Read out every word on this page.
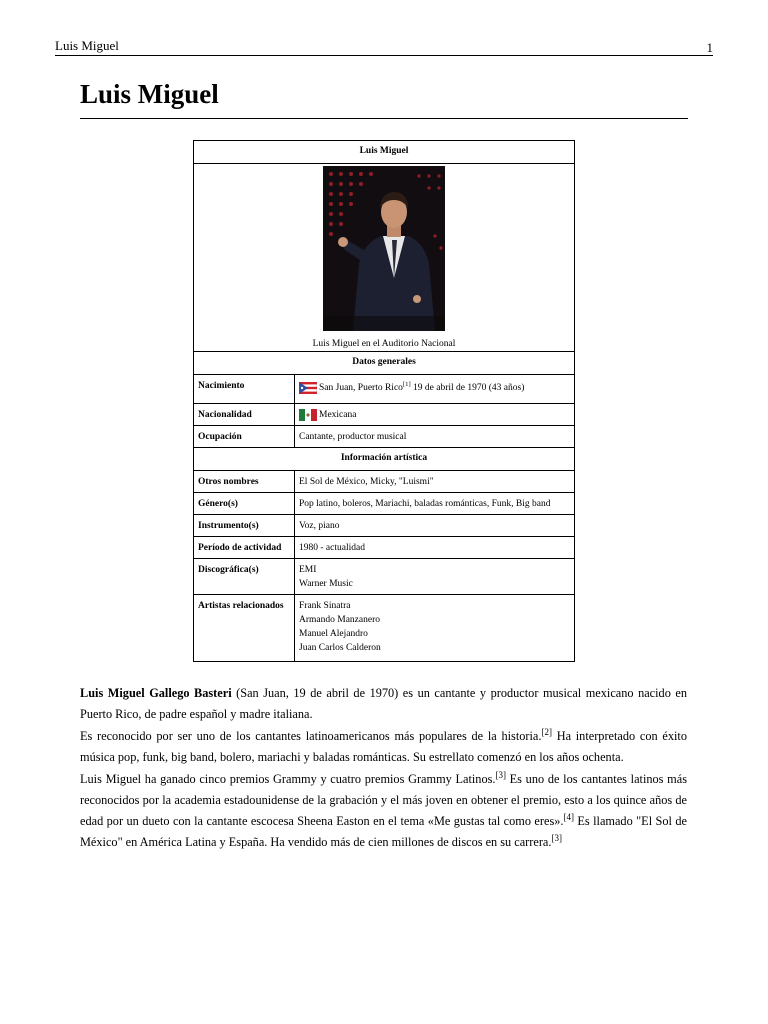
Luis Miguel	1
Luis Miguel
Luis Miguel	

Luis Miguel en el Auditorio Nacional	

Datos generales	
Nacimiento	San Juan, Puerto Rico[1] 19 de abril de 1970 (43 años)
Nacionalidad	Mexicana
Ocupación	Cantante, productor musical
Información artística	
Otros nombres	El Sol de México, Micky, "Luismi"
Género(s)	Pop latino, boleros, Mariachi, baladas románticas, Funk, Big band
Instrumento(s)	Voz, piano
Período de actividad	1980 - actualidad
Discográfica(s)	EMI
Warner Music

Artistas relacionados	Frank Sinatra
Armando Manzanero
Manuel Alejandro
Juan Carlos Calderon

Luis Miguel Gallego Basteri (San Juan, 19 de abril de 1970) es un cantante y productor musical mexicano nacido en Puerto Rico, de padre español y madre italiana.

Es reconocido por ser uno de los cantantes latinoamericanos más populares de la historia.[2] Ha interpretado con éxito música pop, funk, big band, bolero, mariachi y baladas románticas. Su estrellato comenzó en los años ochenta.

Luis Miguel ha ganado cinco premios Grammy y cuatro premios Grammy Latinos.[3] Es uno de los cantantes latinos más reconocidos por la academia estadounidense de la grabación y el más joven en obtener el premio, esto a los quince años de edad por un dueto con la cantante escocesa Sheena Easton en el tema «Me gustas tal como eres».[4] Es llamado "El Sol de México" en América Latina y España. Ha vendido más de cien millones de discos en su carrera.[3]
